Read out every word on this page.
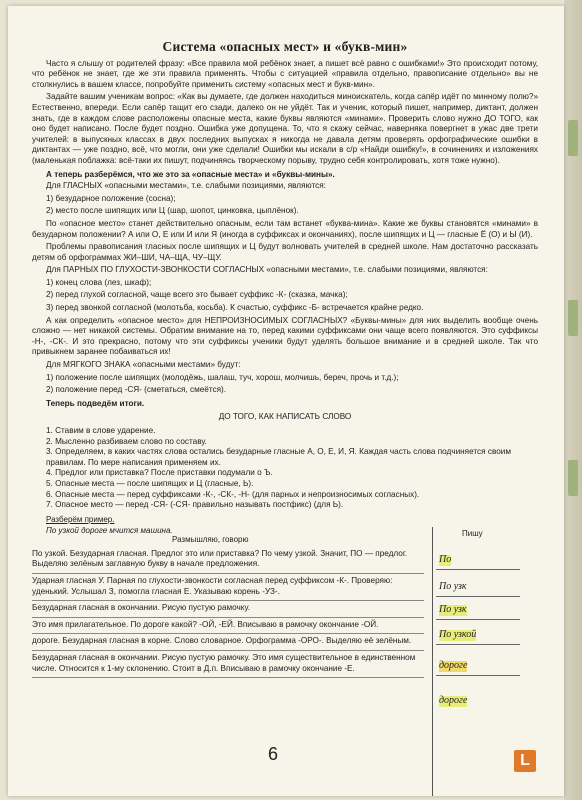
Система «опасных мест» и «букв-мин»

Часто я слышу от родителей фразу: «Все правила мой ребёнок знает, а пишет всё равно с ошибками!» Это происходит потому, что ребёнок не знает, где же эти правила применять. Чтобы с ситуацией «правила отдельно, правописание отдельно» вы не столкнулись в вашем классе, попробуйте применить систему «опасных мест и букв-мин».

Задайте вашим ученикам вопрос: «Как вы думаете, где должен находиться миноискатель, когда сапёр идёт по минному полю?» Естественно, впереди. Если сапёр тащит его сзади, далеко он не уйдёт. Так и ученик, который пишет, например, диктант, должен знать, где в каждом слове расположены опасные места, какие буквы являются «минами». Проверить слово нужно ДО ТОГО, как оно будет написано. После будет поздно. Ошибка уже допущена. То, что я скажу сейчас, наверняка повергнет в ужас две трети учителей: в выпускных классах в двух последних выпусках я никогда не давала детям проверять орфографические ошибки в диктантах — уже поздно, всё, что могли, они уже сделали! Ошибки мы искали в с/р «Найди ошибку!», в сочинениях и изложениях (маленькая поблажка: всё-таки их пишут, подчиняясь творческому порыву, трудно себя контролировать, хотя тоже нужно).

А теперь разберёмся, что же это за «опасные места» и «буквы-мины».

Для ГЛАСНЫХ «опасными местами», т.е. слабыми позициями, являются:

1) безударное положение (сосна);

2) место после шипящих или Ц (шар, шопот, цинковка, цыплёнок).

По «опасное место» станет действительно опасным, если там встанет «буква-мина». Какие же буквы становятся «минами» в безударном положении? А или О, Е или И или Я (иногда в суффиксах и окончаниях), после шипящих и Ц — гласные Ё (О) и Ы (И).

Проблемы правописания гласных после шипящих и Ц будут волновать учителей в средней школе. Нам достаточно рассказать детям об орфограммах ЖИ–ШИ, ЧА–ЩА, ЧУ–ЩУ.

Для ПАРНЫХ ПО ГЛУХОСТИ-ЗВОНКОСТИ СОГЛАСНЫХ «опасными местами», т.е. слабыми позициями, являются:

1) конец слова (лез, шкаф);

2) перед глухой согласной, чаще всего это бывает суффикс -К- (сказка, мачка);

3) перед звонкой согласной (молотьба, косьба). К счастью, суффикс -Б- встречается крайне редко.

А как определить «опасное место» для НЕПРОИЗНОСИМЫХ СОГЛАСНЫХ? «Буквы-мины» для них выделить вообще очень сложно — нет никакой системы. Обратим внимание на то, перед какими суффиксами они чаще всего появляются. Это суффиксы -Н-, -СК-. И это прекрасно, потому что эти суффиксы ученики будут уделять большое внимание и в средней школе. Так что привыкнем заранее побаиваться их!

Для МЯГКОГО ЗНАКА «опасными местами» будут:

1) положение после шипящих (молодёжь, шалаш, туч, хорош, молчишь, береч, прочь и т.д.);

2) положение перед -СЯ- (сметаться, смеётся).

Теперь подведём итоги.
ДО ТОГО, КАК НАПИСАТЬ СЛОВО
1. Ставим в слове ударение.
2. Мысленно разбиваем слово по составу.
3. Определяем, в каких частях слова остались безударные гласные А, О, Е, И, Я. Каждая часть слова подчиняется своим правилам. По мере написания применяем их.
4. Предлог или приставка? После приставки подумали о Ъ.
5. Опасные места — после шипящих и Ц (гласные, Ь).
6. Опасные места — перед суффиксами -К-, -СК-, -Н- (для парных и непроизносимых согласных).
7. Опасное место — перед -СЯ- (-СЯ- правильно называть постфикс) (для Ь).
Разберём пример.
По узкой дороге мчится машина.
Размышляю, говорю
Пишу
По узкой. Безударная гласная. Предлог это или приставка? По чему узкой. Значит, ПО — предлог. Выделяю зелёным заглавную букву в начале предложения.
Ударная гласная У. Парная по глухости-звонкости согласная перед суффиксом -К-. Проверяю: уденький. Услышал З, помогла гласная Е. Указываю корень -УЗ-.
Безударная гласная в окончании. Рисую пустую рамочку.
Это имя прилагательное. По дороге какой? -ОЙ, -ЕЙ. Вписываю в рамочку окончание -ОЙ.
дороге. Безударная гласная в корне. Слово словарное. Орфограмма -ОРО-. Выделяю её зелёным.
Безударная гласная в окончании. Рисую пустую рамочку. Это имя существительное в единственном числе. Относится к 1-му склонению. Стоит в Д.п. Вписываю в рамочку окончание -Е.
По
По узк
По узк
По узкой
дороге
дороге
6	L
